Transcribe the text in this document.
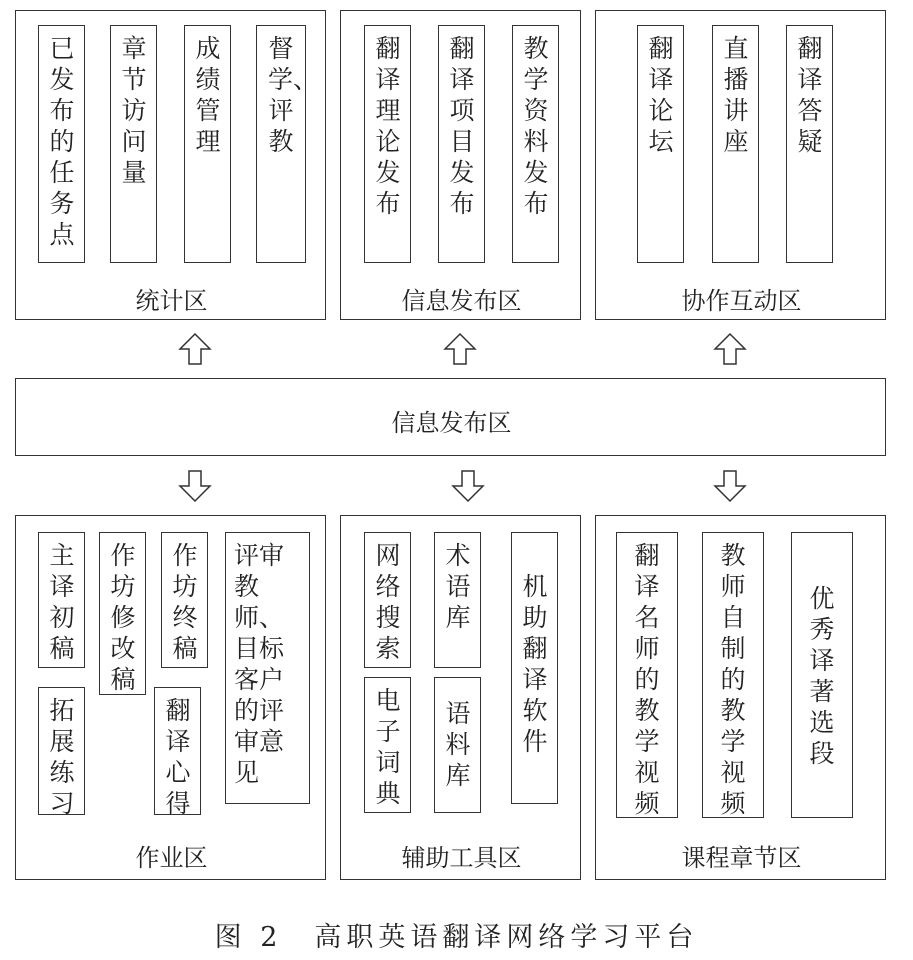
统计区	信息发布区	协作互动区
已发布的任务点
章节访问量
成绩管理
督学、评教
翻译理论发布
翻译项目发布
教学资料发布
翻译论坛
直播讲座
翻译答疑
信息发布区
作业区	辅助工具区	课程章节区
主译初稿
作坊修改稿
作坊终稿
评审教师、目标客户的评审意见
拓展练习
翻译心得
网络搜索
术语库
机助翻译软件
电子词典
语料库
翻译名师的教学视频
教师自制的教学视频
优秀译著选段
图 2　高职英语翻译网络学习平台
